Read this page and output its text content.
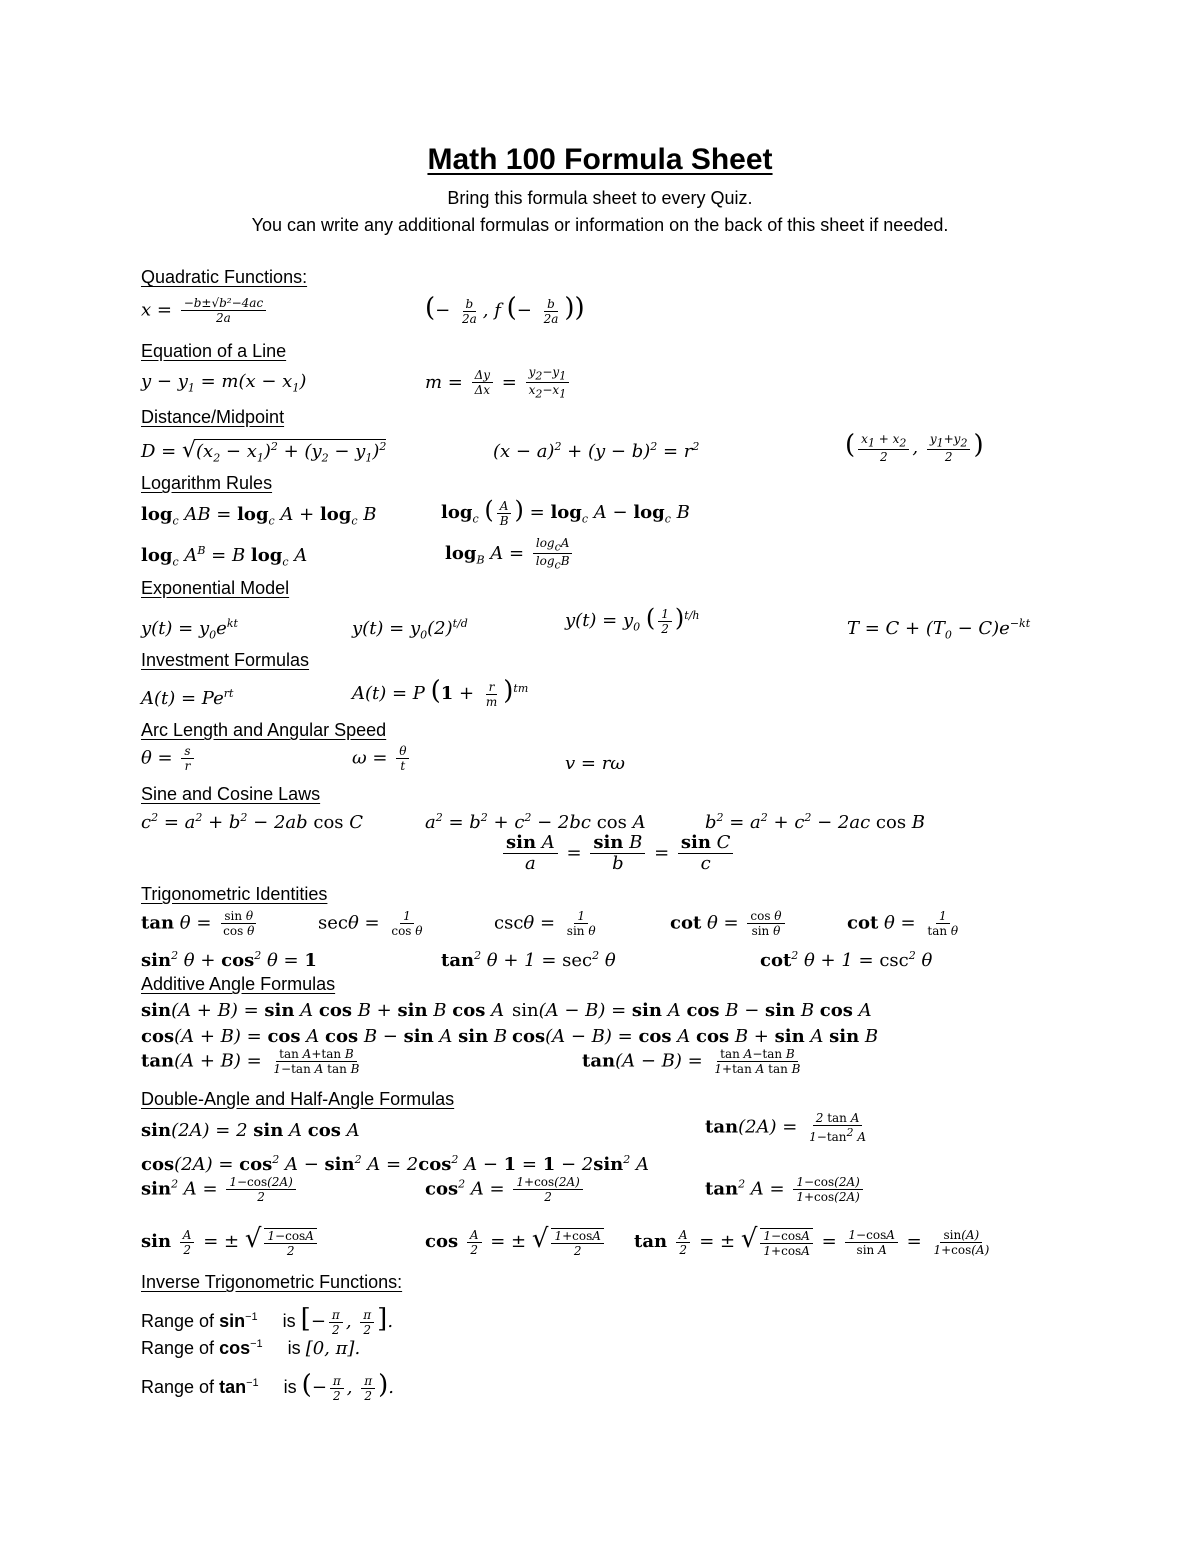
Math 100 Formula Sheet
Bring this formula sheet to every Quiz.
You can write any additional formulas or information on the back of this sheet if needed.
Quadratic Functions:
$x = \frac{\text{−b±√b²−4ac}}{2a}$	(− $\frac{b}{2a}$ , f (− $\frac{b}{2a}$ ))
Equation of a Line
$y - y_1 = m(x - x_1)$	$m = \frac{\Delta y}{\Delta x} = \frac{y_2-y_1}{x_2-x_1}$
Distance/Midpoint
$D = √(x_2 - x_1)^2 + (y_2 - y_1)^2$	$(x - a)^2 + (y - b)^2 = r^2$	( $\frac{x_1 + x_2}{2}$ , $\frac{y_1+y_2}{2}$ )
Logarithm Rules
$\log_c$ AB = $\log_c A + \log_c B$	$\log_c$ ( $\frac{A}{B}$ ) = $\log_c A - \log_c B$
$\log_c A^B = B$ $\log_c A$	$\log_B A = \frac{\log_cA}{\log_cB}$
Exponential Model
$y(t) = y_0e^{kt}$	$y(t) = y_0(2)^{t/d}$	$y(t) = y_0$ ( $\frac{1}{2} )^{t/h}$
$T = C + (T_0 - C)e^{-kt}$
Investment Formulas
$A(t) = Pe^{rt}$	A(t) = P $(1 + \frac{r}{m} )^{tm}$
Arc Length and Angular Speed
$\theta = \frac{s}{r}$	$\omega = \frac{\theta}{t}$	v = rω
Sine and Cosine Laws
$c^2 = a^2 + b^2 - 2ab$ cos C	$a^2 = b^2 + c^2 - 2bc$ cos A	$b^2 = a^2 + c^2 - 2ac$ cos B
$\frac{\text{sin A}}{a} = \frac{\text{sin B}}{b} = \frac{\text{sin C}}{c}$
Trigonometric Identities
$\tan \theta = \frac{\text{sin θ}}{\text{cos θ}}$	$\sec\theta = \frac{1}{\text{cos θ}}$	$\csc\theta = \frac{1}{\text{sin θ}}$	$\cot \theta = \frac{\text{cos θ}}{\text{sin θ}}$	$\cot \theta = \frac{1}{\text{tan θ}}$
$\sin^2 \theta + \cos^2 \theta = 1$	$\tan^2 \theta + 1 = \sec^2 \theta$	$\cot^2 \theta + 1 = \csc^2 \theta$
Additive Angle Formulas
sin(A + B) = sin A cos B + sin B cos A sin(A − B) = sin A cos B − sin B cos A
cos(A + B) = cos A cos B − sin A sin B cos(A − B) = cos A cos B + sin A sin B
$\tan(A + B) = \frac{\text{tan A+tan B}}{\text{1−tan A tan B}}$	$\tan(A - B) = \frac{\text{tan A−tan B}}{\text{1+tan A tan B}}$
Double-Angle and Half-Angle Formulas
sin(2A) = 2 sin A cos A	$\tan(2A) = \frac{\text{2 tan A}}{1-\tan^2 A}$
$\cos(2A) = \cos^2 A - \sin^2 A = 2\cos^2$ $A - 1 = 1 - 2\sin^2$ A
$\sin^2 A = \frac{1-\cos(2A)}{2}$	$\cos^2 A = \frac{1+\cos(2A)}{2}$	$\tan^2 A = \frac{1-\cos(2A)}{1+\cos(2A)}$
$\sin \frac{A}{2}$ = ± √ $\frac{1-\cos A}{2}$	$\cos \frac{A}{2}$ = ± √ $\frac{1+\cos A}{2}$ $\tan \frac{A}{2}$ = ± √ $\frac{1-\cos A}{1+\cos A} = \frac{1-\cos A}{\text{sin A}} = \frac{\sin(A)}{1+\cos(A)}$
Inverse Trigonometric Functions:
Range of $\sin^{-1}$ is [− $\frac{\pi}{2}$ , $\frac{\pi}{2}$ ].
Range of $\cos^{-1}$ is [0, π].
Range of $\tan^{-1}$ is (− $\frac{\pi}{2}$ , $\frac{\pi}{2}$ ).
